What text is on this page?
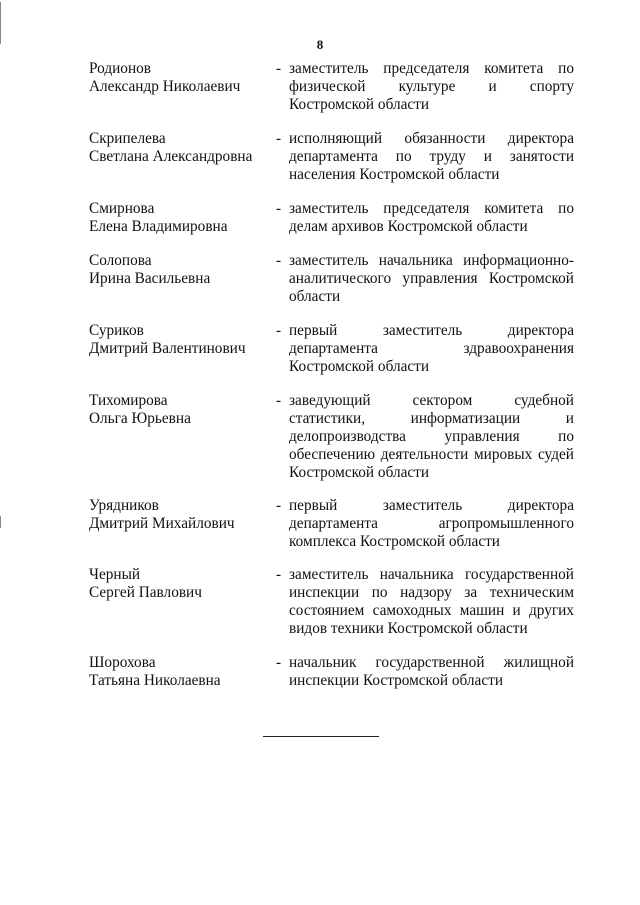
8
Родионов
Александр Николаевич
- заместитель председателя комитета по
физической культуре и спорту
Костромской области
Скрипелева
Светлана Александровна
- исполняющий обязанности директора
департамента по труду и занятости
населения Костромской области
Смирнова
Елена Владимировна
- заместитель председателя комитета по
делам архивов Костромской области
Солопова
Ирина Васильевна
- заместитель начальника информационно-
аналитического управления Костромской
области
Суриков
Дмитрий Валентинович
- первый заместитель директора
департамента здравоохранения
Костромской области
Тихомирова
Ольга Юрьевна
- заведующий сектором судебной
статистики, информатизации и
делопроизводства управления по
обеспечению деятельности мировых судей
Костромской области
Урядников
Дмитрий Михайлович
- первый заместитель директора
департамента агропромышленного
комплекса Костромской области
Черный
Сергей Павлович
- заместитель начальника государственной
инспекции по надзору за техническим
состоянием самоходных машин и других
видов техники Костромской области
Шорохова
Татьяна Николаевна
- начальник государственной жилищной
инспекции Костромской области
